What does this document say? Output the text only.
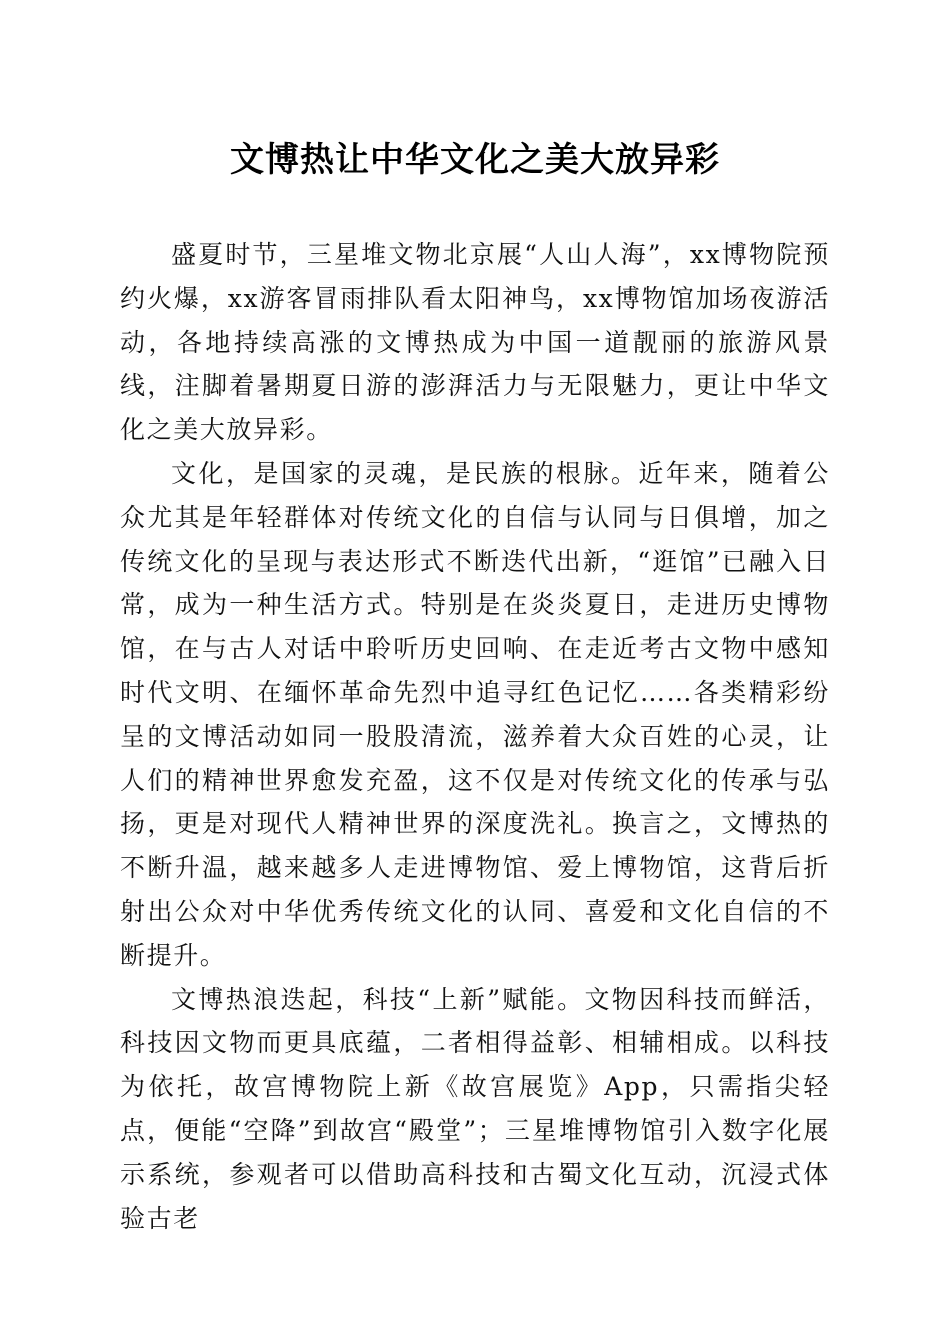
文博热让中华文化之美大放异彩

盛夏时节，三星堆文物北京展“人山人海”，xx博物院预约火爆，xx游客冒雨排队看太阳神鸟，xx博物馆加场夜游活动，各地持续高涨的文博热成为中国一道靓丽的旅游风景线，注脚着暑期夏日游的澎湃活力与无限魅力，更让中华文化之美大放异彩。

文化，是国家的灵魂，是民族的根脉。近年来，随着公众尤其是年轻群体对传统文化的自信与认同与日俱增，加之传统文化的呈现与表达形式不断迭代出新，“逛馆”已融入日常，成为一种生活方式。特别是在炎炎夏日，走进历史博物馆，在与古人对话中聆听历史回响、在走近考古文物中感知时代文明、在缅怀革命先烈中追寻红色记忆……各类精彩纷呈的文博活动如同一股股清流，滋养着大众百姓的心灵，让人们的精神世界愈发充盈，这不仅是对传统文化的传承与弘扬，更是对现代人精神世界的深度洗礼。换言之，文博热的不断升温，越来越多人走进博物馆、爱上博物馆，这背后折射出公众对中华优秀传统文化的认同、喜爱和文化自信的不断提升。

文博热浪迭起，科技“上新”赋能。文物因科技而鲜活，科技因文物而更具底蕴，二者相得益彰、相辅相成。以科技为依托，故宫博物院上新《故宫展览》App，只需指尖轻点，便能“空降”到故宫“殿堂”；三星堆博物馆引入数字化展示系统，参观者可以借助高科技和古蜀文化互动，沉浸式体验古老
